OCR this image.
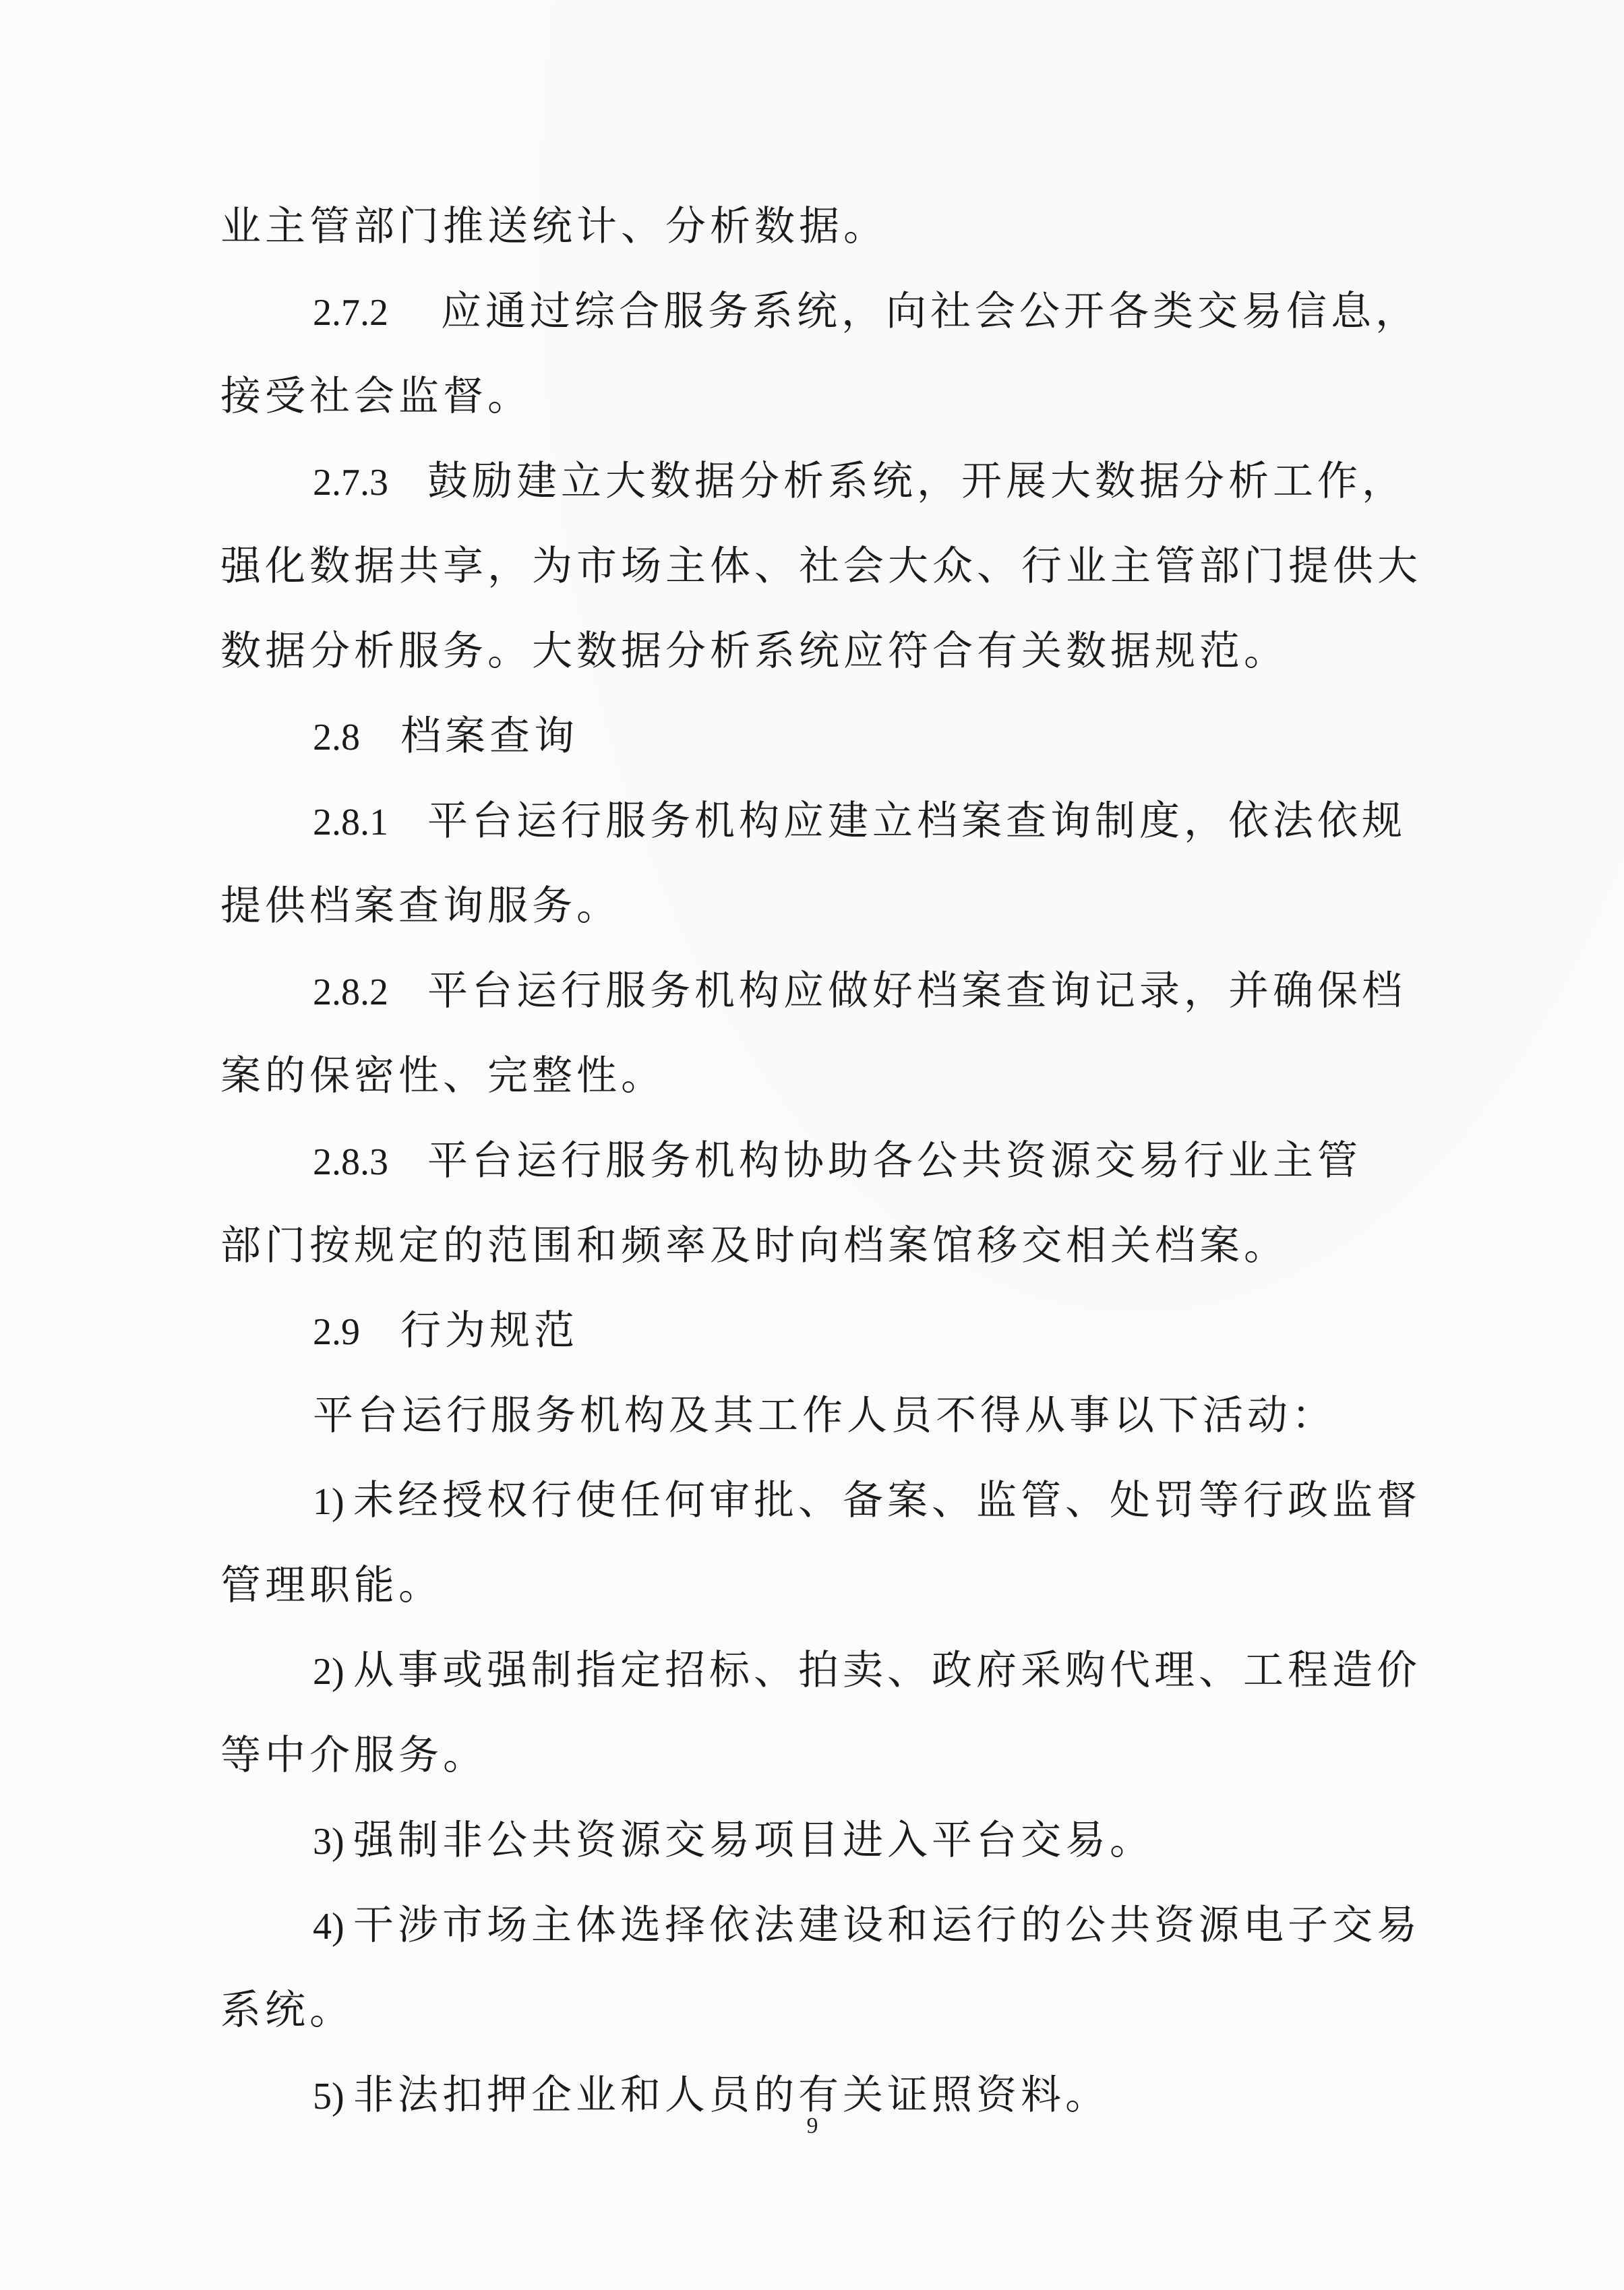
业主管部门推送统计、分析数据。
2.7.2 应通过综合服务系统，向社会公开各类交易信息，
接受社会监督。
2.7.3 鼓励建立大数据分析系统，开展大数据分析工作，
强化数据共享，为市场主体、社会大众、行业主管部门提供大
数据分析服务。大数据分析系统应符合有关数据规范。
2.8 档案查询
2.8.1 平台运行服务机构应建立档案查询制度，依法依规
提供档案查询服务。
2.8.2 平台运行服务机构应做好档案查询记录，并确保档
案的保密性、完整性。
2.8.3 平台运行服务机构协助各公共资源交易行业主管
部门按规定的范围和频率及时向档案馆移交相关档案。
2.9 行为规范
平台运行服务机构及其工作人员不得从事以下活动：
1) 未经授权行使任何审批、备案、监管、处罚等行政监督
管理职能。
2) 从事或强制指定招标、拍卖、政府采购代理、工程造价
等中介服务。
3) 强制非公共资源交易项目进入平台交易。
4) 干涉市场主体选择依法建设和运行的公共资源电子交易
系统。
5) 非法扣押企业和人员的有关证照资料。
9
